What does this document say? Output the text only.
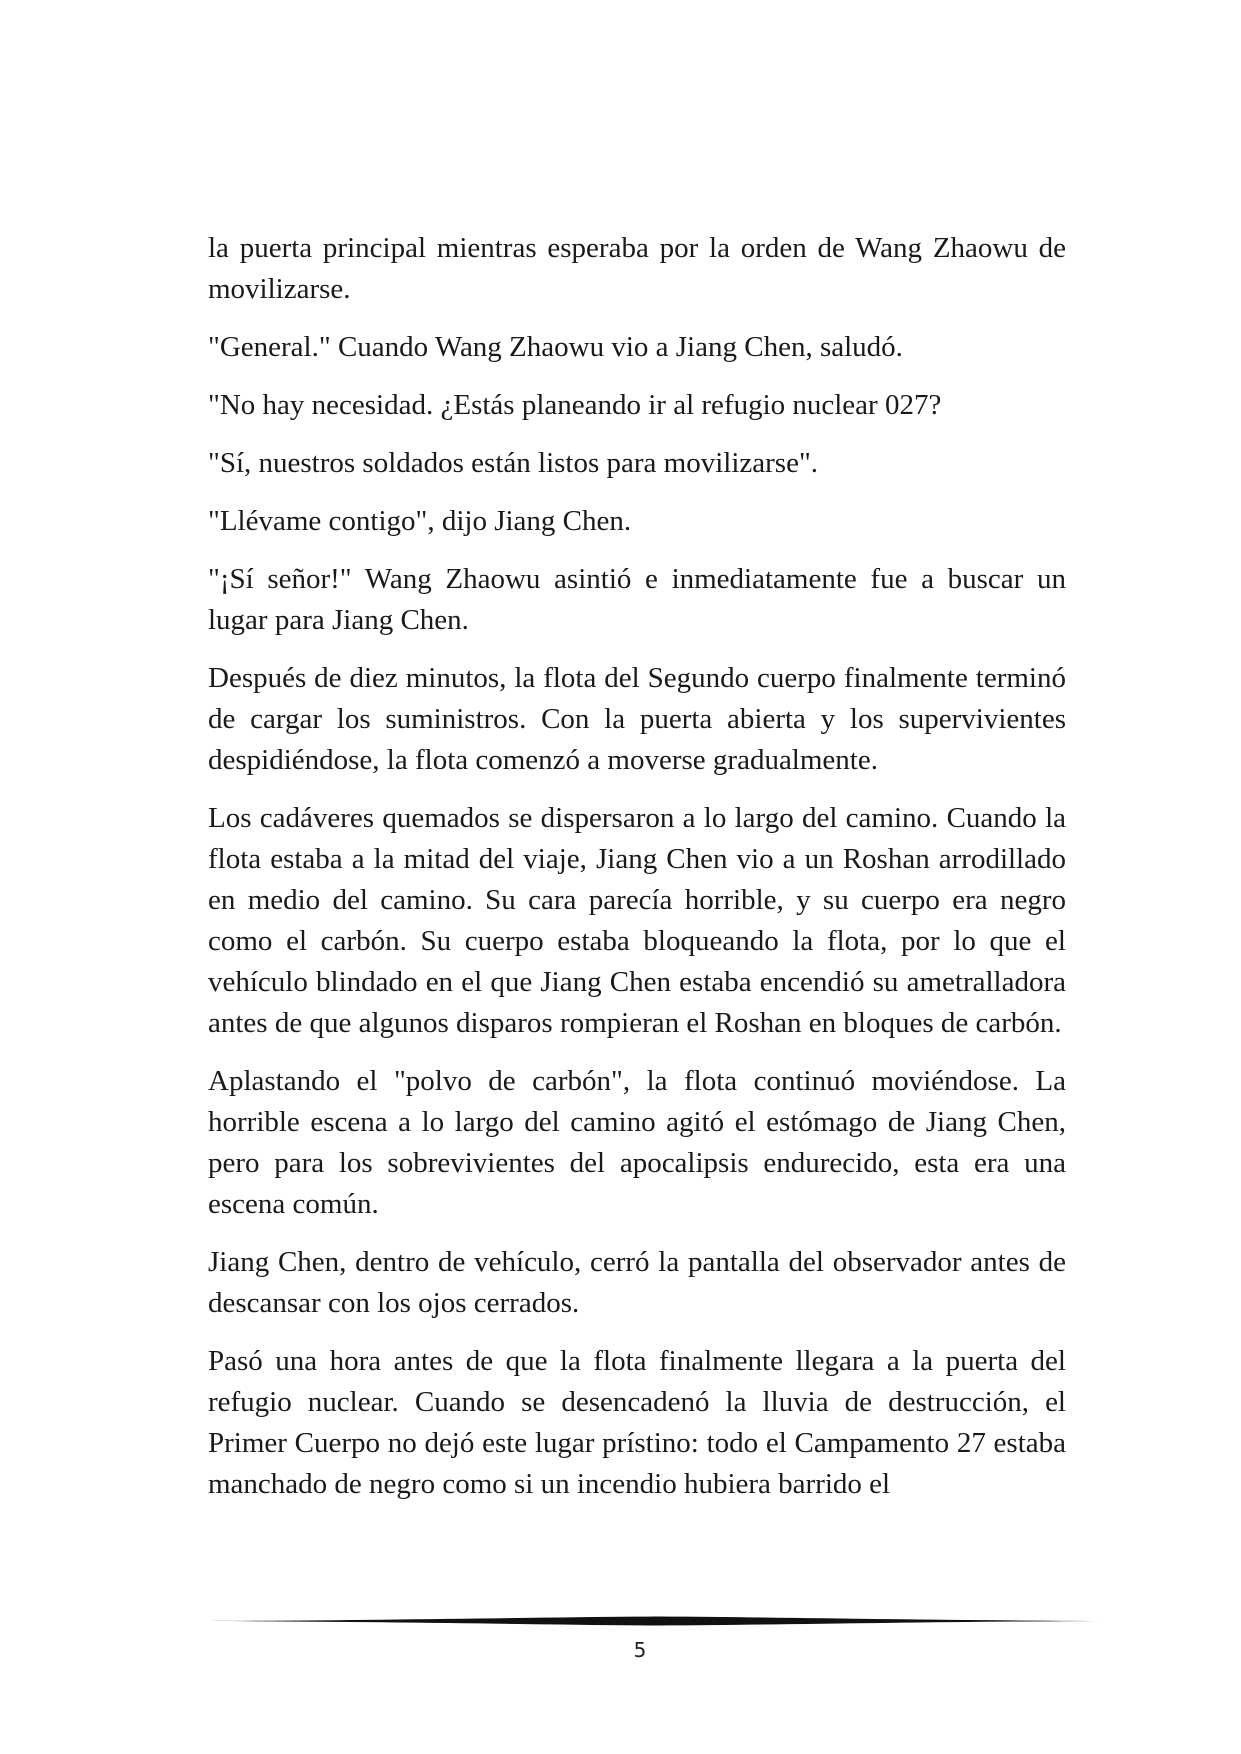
la puerta principal mientras esperaba por la orden de Wang Zhaowu de movilizarse.

"General." Cuando Wang Zhaowu vio a Jiang Chen, saludó.

"No hay necesidad. ¿Estás planeando ir al refugio nuclear 027?

"Sí, nuestros soldados están listos para movilizarse".

"Llévame contigo", dijo Jiang Chen.

"¡Sí señor!" Wang Zhaowu asintió e inmediatamente fue a buscar un lugar para Jiang Chen.

Después de diez minutos, la flota del Segundo cuerpo finalmente terminó de cargar los suministros. Con la puerta abierta y los supervivientes despidiéndose, la flota comenzó a moverse gradualmente.

Los cadáveres quemados se dispersaron a lo largo del camino. Cuando la flota estaba a la mitad del viaje, Jiang Chen vio a un Roshan arrodillado en medio del camino. Su cara parecía horrible, y su cuerpo era negro como el carbón. Su cuerpo estaba bloqueando la flota, por lo que el vehículo blindado en el que Jiang Chen estaba encendió su ametralladora antes de que algunos disparos rompieran el Roshan en bloques de carbón.

Aplastando el "polvo de carbón", la flota continuó moviéndose. La horrible escena a lo largo del camino agitó el estómago de Jiang Chen, pero para los sobrevivientes del apocalipsis endurecido, esta era una escena común.

Jiang Chen, dentro de vehículo, cerró la pantalla del observador antes de descansar con los ojos cerrados.

Pasó una hora antes de que la flota finalmente llegara a la puerta del refugio nuclear. Cuando se desencadenó la lluvia de destrucción, el Primer Cuerpo no dejó este lugar prístino: todo el Campamento 27 estaba manchado de negro como si un incendio hubiera barrido el

5
